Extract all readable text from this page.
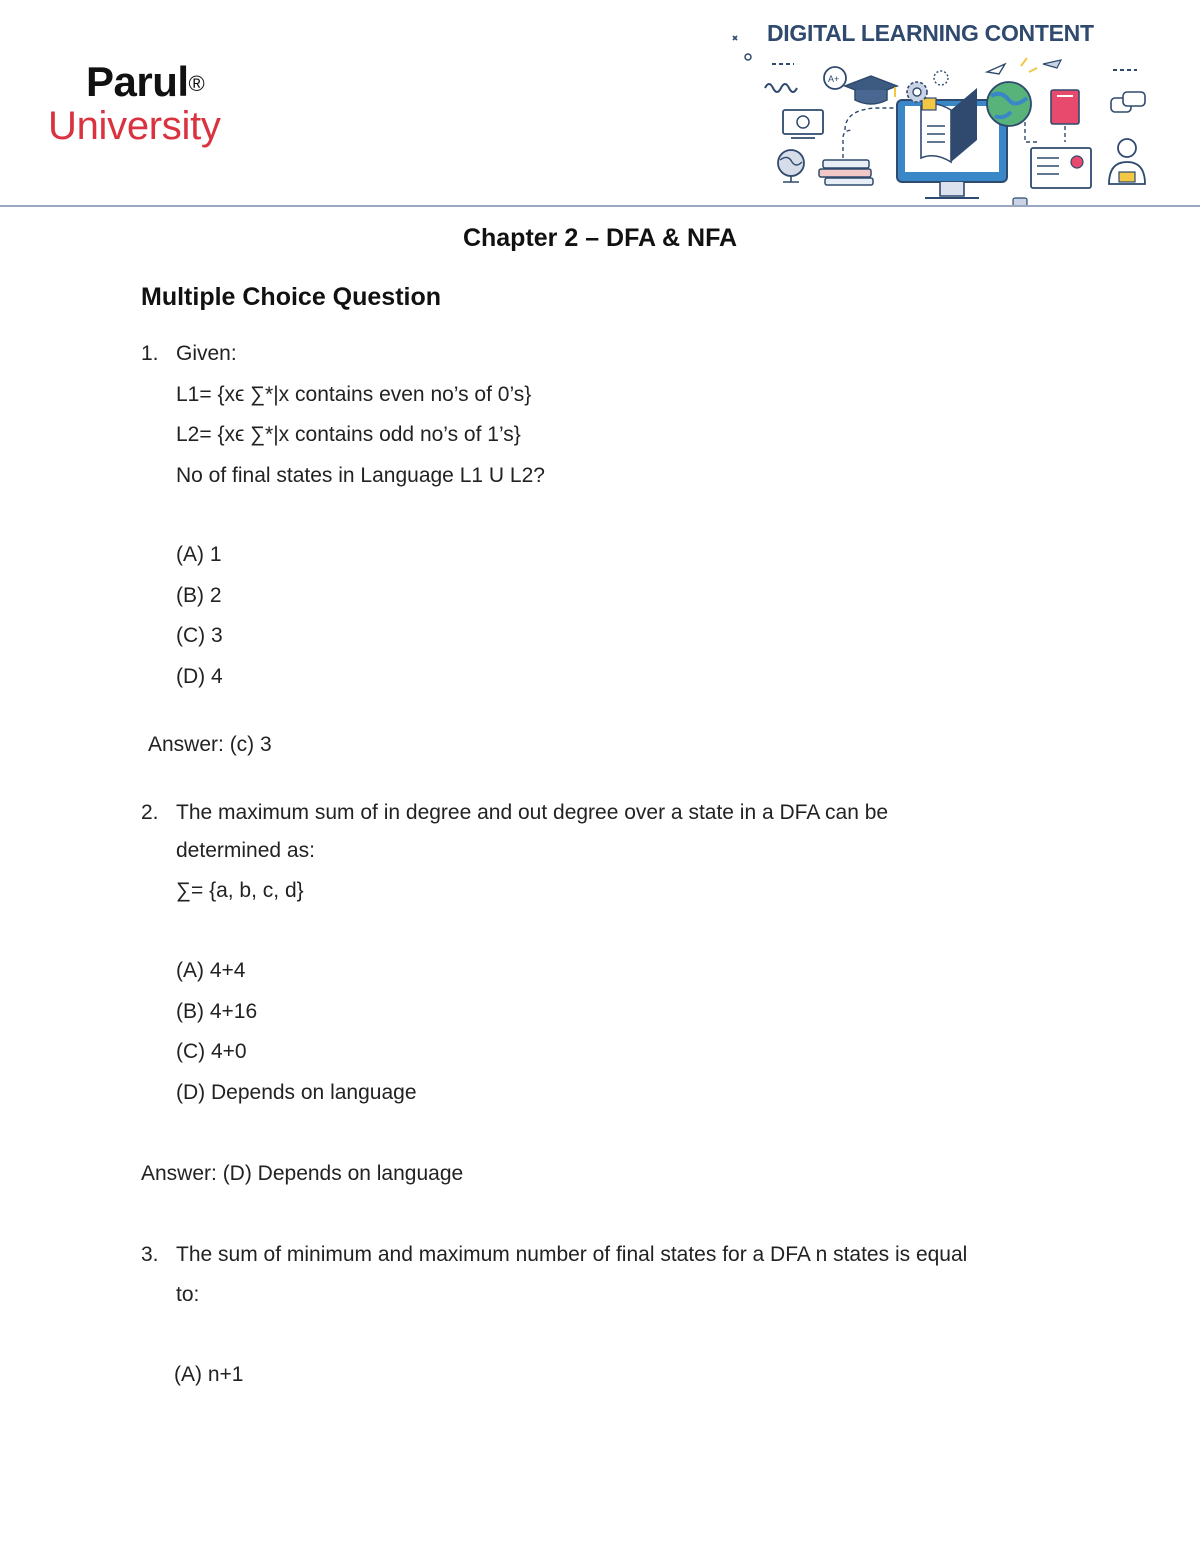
Parul®
University
DIGITAL LEARNING CONTENT
A+
Chapter 2 – DFA & NFA
Multiple Choice Question
1. Given:
L1= {xϵ ∑*|x contains even no’s of 0’s}
L2= {xϵ ∑*|x contains odd no’s of 1’s}
No of final states in Language L1 U L2?
(A) 1
(B) 2
(C) 3
(D) 4
Answer: (c) 3
2. The maximum sum of in degree and out degree over a state in a DFA can be
determined as:
∑= {a, b, c, d}
(A) 4+4
(B) 4+16
(C) 4+0
(D) Depends on language
Answer: (D) Depends on language
3. The sum of minimum and maximum number of final states for a DFA n states is equal
to:
(A) n+1
